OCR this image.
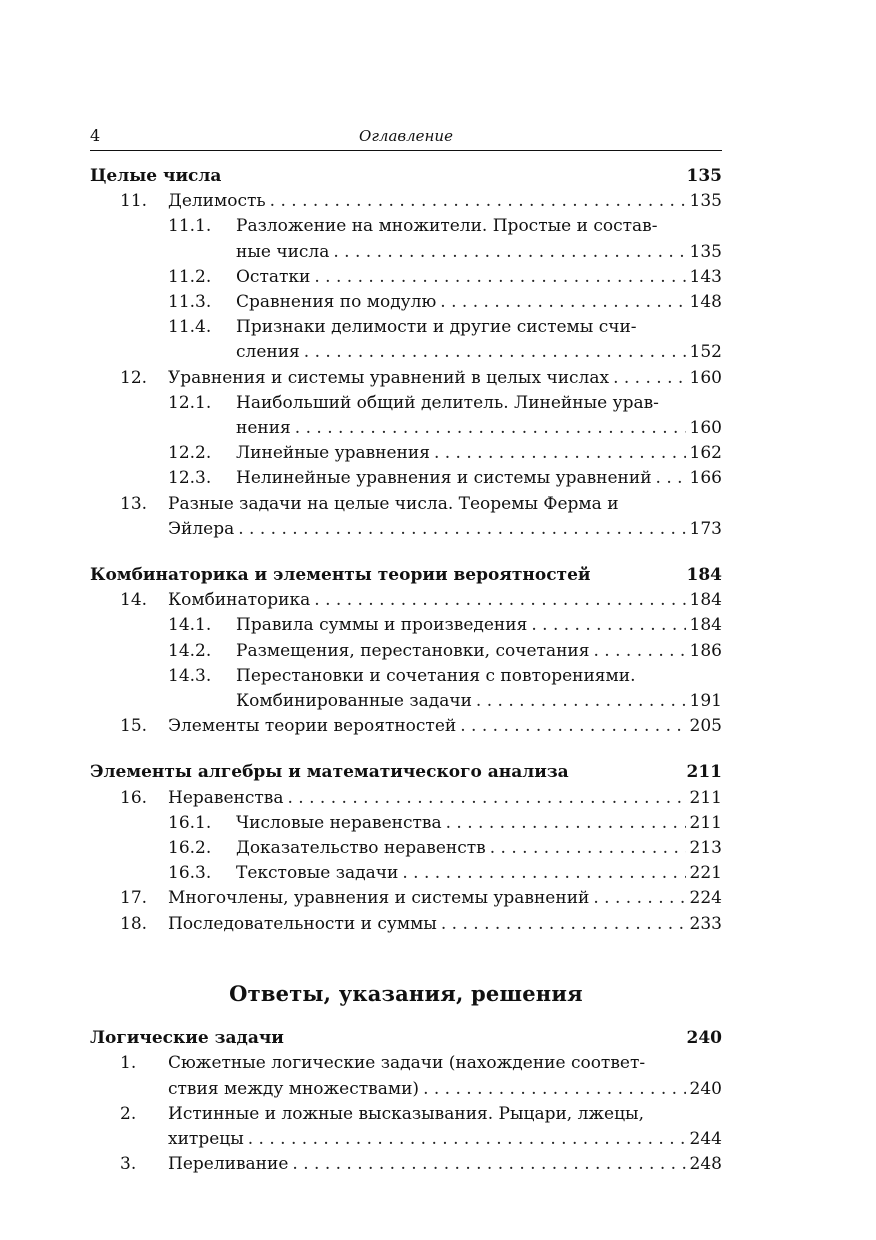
4	Оглавление
Целые числа	135
11.	Делимость . . .	135
11.1.	Разложение на множители. Простые и состав-
ные числа . . .	135
11.2.	Остатки . . .	143
11.3.	Сравнения по модулю . . .	148
11.4.	Признаки делимости и другие системы счи-
сления . . .	152
12.	Уравнения и системы уравнений в целых числах . . .	160
12.1.	Наибольший общий делитель. Линейные урав-
нения . . .	160
12.2.	Линейные уравнения . . .	162
12.3.	Нелинейные уравнения и системы уравнений . . . 166
13.	Разные задачи на целые числа. Теоремы Ферма и
Эйлера . . .	173
Комбинаторика и элементы теории вероятностей	184
14.	Комбинаторика . . .	184
14.1.	Правила суммы и произведения . . .	184
14.2.	Размещения, перестановки, сочетания . . .	186
14.3.	Перестановки и сочетания с повторениями.
Комбинированные задачи . . .	191
15.	Элементы теории вероятностей . . .	205
Элементы алгебры и математического анализа	211
16.	Неравенства . . .	211
16.1.	Числовые неравенства . . .	211
16.2.	Доказательство неравенств . . .	213
16.3.	Текстовые задачи . . .	221
17.	Многочлены, уравнения и системы уравнений . . .	224
18.	Последовательности и суммы . . .	233
Ответы, указания, решения
Логические задачи	240
1.	Сюжетные логические задачи (нахождение соответ-
ствия между множествами) . . .	240
2.	Истинные и ложные высказывания. Рыцари, лжецы,
хитрецы . . .	244
3.	Переливание . . .	248
